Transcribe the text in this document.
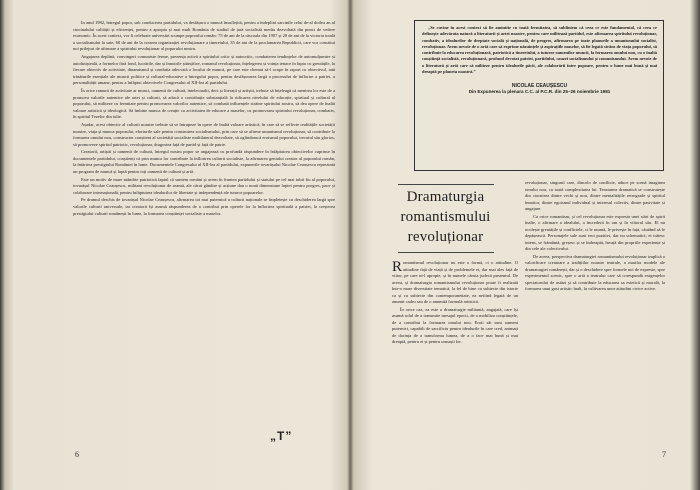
In anul 1982, întregul popor, sub conducerea partidului, va desfășura o muncă însuflețită, pentru a îndeplini sarcinile celui de-al doilea an al cincinalului calității și eficienței, pentru a apropia și mai mult România de stadiul de țară socialistă mediu dezvoltată din punct de vedere economic. În acest context, vor fi celebrate aniversări scumpe poporului român: 75 de ani de la răscoala din 1907 și 20 de ani de la victoria totală a socialismului la sate, 60 de ani de la crearea organizației revoluționare a tineretului, 35 de ani de la proclamarea Republicii, care vor constitui noi prilejuri de afirmare a spiritului revoluționar al poporului nostru.

Angajarea deplină, convingeri comuniste ferme, prezența activă a spiritului critic și autocritic, combaterea tendințelor de automulțumire și autolinișteală, a formelor fără fond, lucrările, dar și înnoirile științifice, romanul revoluționar, înțelegerea și voința tenace în lupta cu greutățile, la fiecare obiectiv de activitate, dinamismul și conduita adecvată a locului de muncă, pe care este chemat să-l ocupe în raport cu obiectivul, iată trăsăturile esențiale ale muncii politice și cultural-educative a întregului popor, pentru desfășurarea largă a procesului de înflorire a patriei, a personalității umane, pentru a înfăptui obiectivele Congresului al XII-lea al partidului.

În orice ramură de activitate ar munci, oamenii de cultură, intelectualii, deci și literații și artiștii, trebuie să înțeleagă că menirea lor este de a promova valorile autentice ale artei și culturii, să aducă o contribuție substanțială la ridicarea nivelului de educație, spiritual și cultural al poporului, să militeze cu fermitate pentru promovarea valorilor autentice, să combată influențele străine spiritului nostru, să dea opere de înaltă valoare artistică și ideologică. Să îmbine munca de creație cu activitatea de educare a maselor, cu promovarea spiritului revoluționar, combativ, în spiritul Tezelor din iulie.

Așadar, acest obiectiv al culturii noastre trebuie să se întrupeze în opere de înaltă valoare artistică, în care să se reflecte realitățile societății noastre, viața și munca poporului, eforturile sale pentru construirea socialismului, prin care să se afirme umanismul revoluționar, să contribuie la formarea omului nou, constructor conștient al societății socialiste multilateral dezvoltate, să oglindească eroismul poporului, trecutul său glorios, să promoveze spiritul patriotic, revoluționar, dragostea față de partid și față de patrie.

Creatorii, artiștii și oamenii de cultură, întregul nostru popor se angajează cu profundă răspundere în înfăptuirea obiectivelor cuprinse în documentele partidului, conștienți că prin munca lor contribuie la înflorirea culturii socialiste, la afirmarea geniului creator al poporului român, la întărirea prestigiului României în lume. Documentele Congresului al XII-lea al partidului, expunerile tovarășului Nicolae Ceaușescu reprezintă un program de muncă și luptă pentru toți oamenii de cultură și artă.

Este un motiv de mare mândrie patriotică faptul că suntem români și avem în fruntea partidului și statului pe cel mai iubit fiu al poporului, tovarășul Nicolae Ceaușescu, militant revoluționar de seamă, ale cărui gândire și acțiune dau o nouă dimensiune luptei pentru progres, pace și colaborare internațională, pentru înfăptuirea idealurilor de libertate și independență ale tuturor popoarelor.

Pe drumul deschis de tovarășul Nicolae Ceaușescu, afirmarea tot mai puternică a culturii naționale se împletește cu deschiderea largă spre valorile culturii universale, iar creatorii își asumă răspunderea de a contribui prin operele lor la înflorirea spirituală a patriei, la creșterea prestigiului culturii românești în lume, la formarea conștiinței socialiste a maselor.

„T”
6

„Se cuvine în acest context să fie amintite cu toată fermitatea, să subliniem că ceea ce este fundamental, că ceea ce definește adevărata natură a literaturii și artei noastre, pentru care militează partidul, este afirmarea spiritului revoluționar, combativ, a idealurilor de dreptate socială și națională, de progres, afirmarea pe toate planurile a umanismului socialist, revoluționar. Avem nevoie de o artă care să exprime năzuințele și aspirațiile maselor, să fie legată strâns de viața poporului, să contribuie la educarea revoluționară, patriotică a tineretului, a tuturor oamenilor muncii, la formarea omului nou, cu o înaltă conștiință socialistă, revoluționară, profund devotat patriei, partidului, cauzei socialismului și comunismului. Avem nevoie de o literatură și artă care să militeze pentru idealurile păcii, ale colaborării între popoare, pentru o lume mai bună și mai dreaptă pe planeta noastră.”

NICOLAE CEAUȘESCU
Din Expunerea la plenara C.C. al P.C.R. din 25–26 noiembrie 1981
Dramaturgia
romantismului
revoluționar

Romantismul revoluționar nu este o formă, ci o atitudine. O atitudine față de viață și de problemele ei, dar mai ales față de viitor, pe care ni-l apropie, și în numele căruia judecă prezentul. De aceea, și dramaturgia romantismului revoluționar poate fi realizată într-o mare diversitate tematică, la fel de bine cu subiecte din istorie ca și cu subiecte din contemporaneitate, ea nefiind legată de un anumit cadru sau de o anumită formulă artistică.

În orice caz, ea este o dramaturgie militantă, angajată, care își asumă rolul de a transmite mesajul epocii, de a mobiliza conștiințele, de a contribui la formarea omului nou. Eroii săi sunt oameni puternici, capabili de sacrificiu pentru idealurile în care cred, animați de dorința de a transforma lumea, de a o face mai bună și mai dreaptă, pentru ei și pentru urmașii lor.

revoluționar, singurul care, dincolo de conflicte, aduce pe scenă imaginea omului nou, cu toată complexitatea lui. Tensiunea dramatică se construiește din ciocnirea dintre vechi și nou, dintre mentalitățile retrograde și spiritul înnoitor, dintre egoismul individual și interesul colectiv, dintre pasivitate și angajare.

Ca orice romantism, și cel revoluționar este expresia unei stări de spirit înalte, o afirmare a idealului, a încrederii în om și în viitorul său. El nu ocolește greutățile și conflictele, ci le asumă, le privește în față, căutând să le depășească. Personajele sale sunt eroi pozitivi, dar nu schematici; ei trăiesc intens, se frământă, greșesc și se îndreaptă, învață din propriile experiențe și din cele ale colectivului.

De aceea, perspectiva dramaturgiei romantismului revoluționar implică o valorificare creatoare a tradițiilor noastre teatrale, a marilor modele ale dramaturgiei românești, dar și o deschidere spre formele noi de expresie, spre experimentul scenic, spre o artă a teatrului care să corespundă exigențelor spectatorului de astăzi și să contribuie la educarea sa estetică și morală, la formarea unui gust artistic înalt, la cultivarea unor atitudini civice active.

7
